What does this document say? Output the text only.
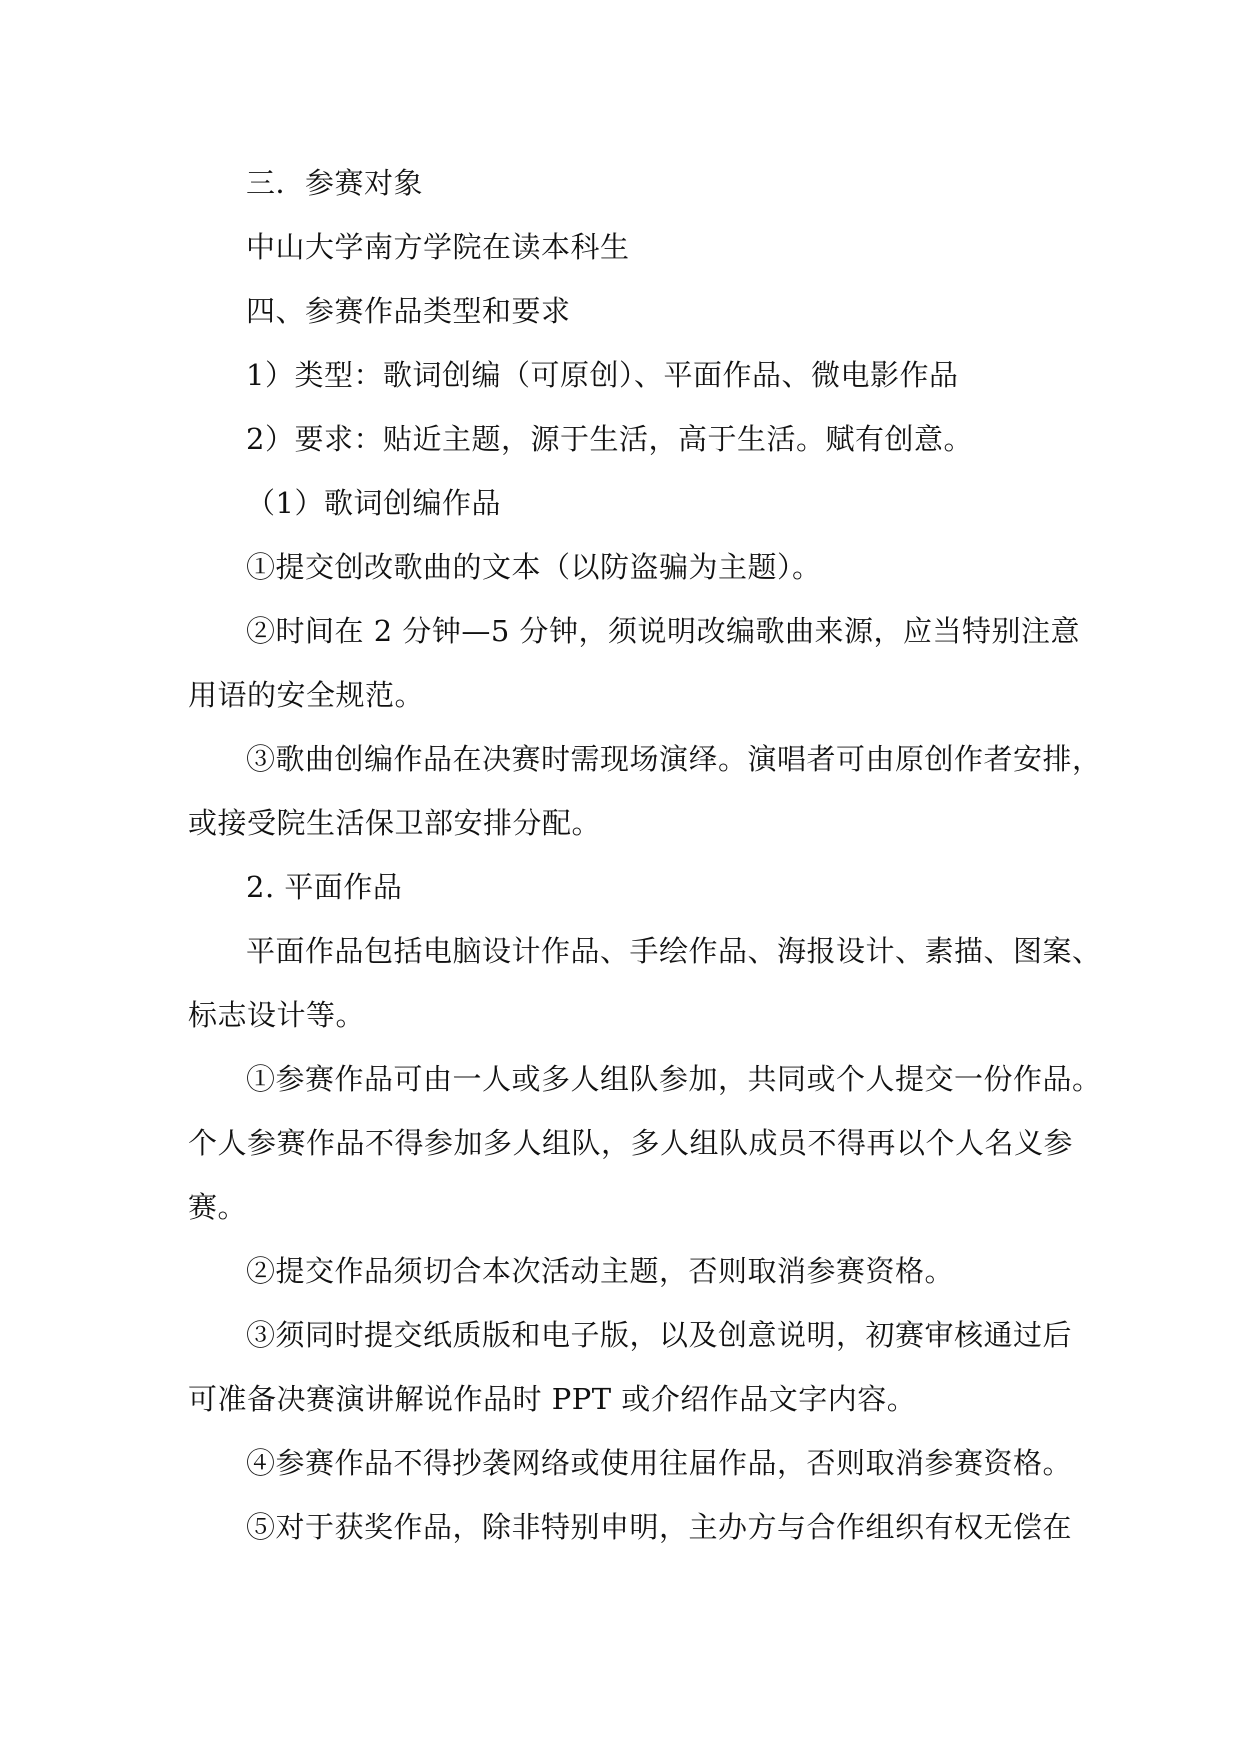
三．参赛对象
中山大学南方学院在读本科生
四、参赛作品类型和要求
1）类型：歌词创编（可原创）、平面作品、微电影作品
2）要求：贴近主题，源于生活，高于生活。赋有创意。
（1）歌词创编作品
①提交创改歌曲的文本（以防盗骗为主题）。
②时间在 2 分钟—5 分钟，须说明改编歌曲来源，应当特别注意
用语的安全规范。
③歌曲创编作品在决赛时需现场演绎。演唱者可由原创作者安排，
或接受院生活保卫部安排分配。
2. 平面作品
平面作品包括电脑设计作品、手绘作品、海报设计、素描、图案、
标志设计等。
①参赛作品可由一人或多人组队参加，共同或个人提交一份作品。
个人参赛作品不得参加多人组队，多人组队成员不得再以个人名义参
赛。
②提交作品须切合本次活动主题，否则取消参赛资格。
③须同时提交纸质版和电子版，以及创意说明，初赛审核通过后
可准备决赛演讲解说作品时 PPT 或介绍作品文字内容。
④参赛作品不得抄袭网络或使用往届作品，否则取消参赛资格。
⑤对于获奖作品，除非特别申明，主办方与合作组织有权无偿在
